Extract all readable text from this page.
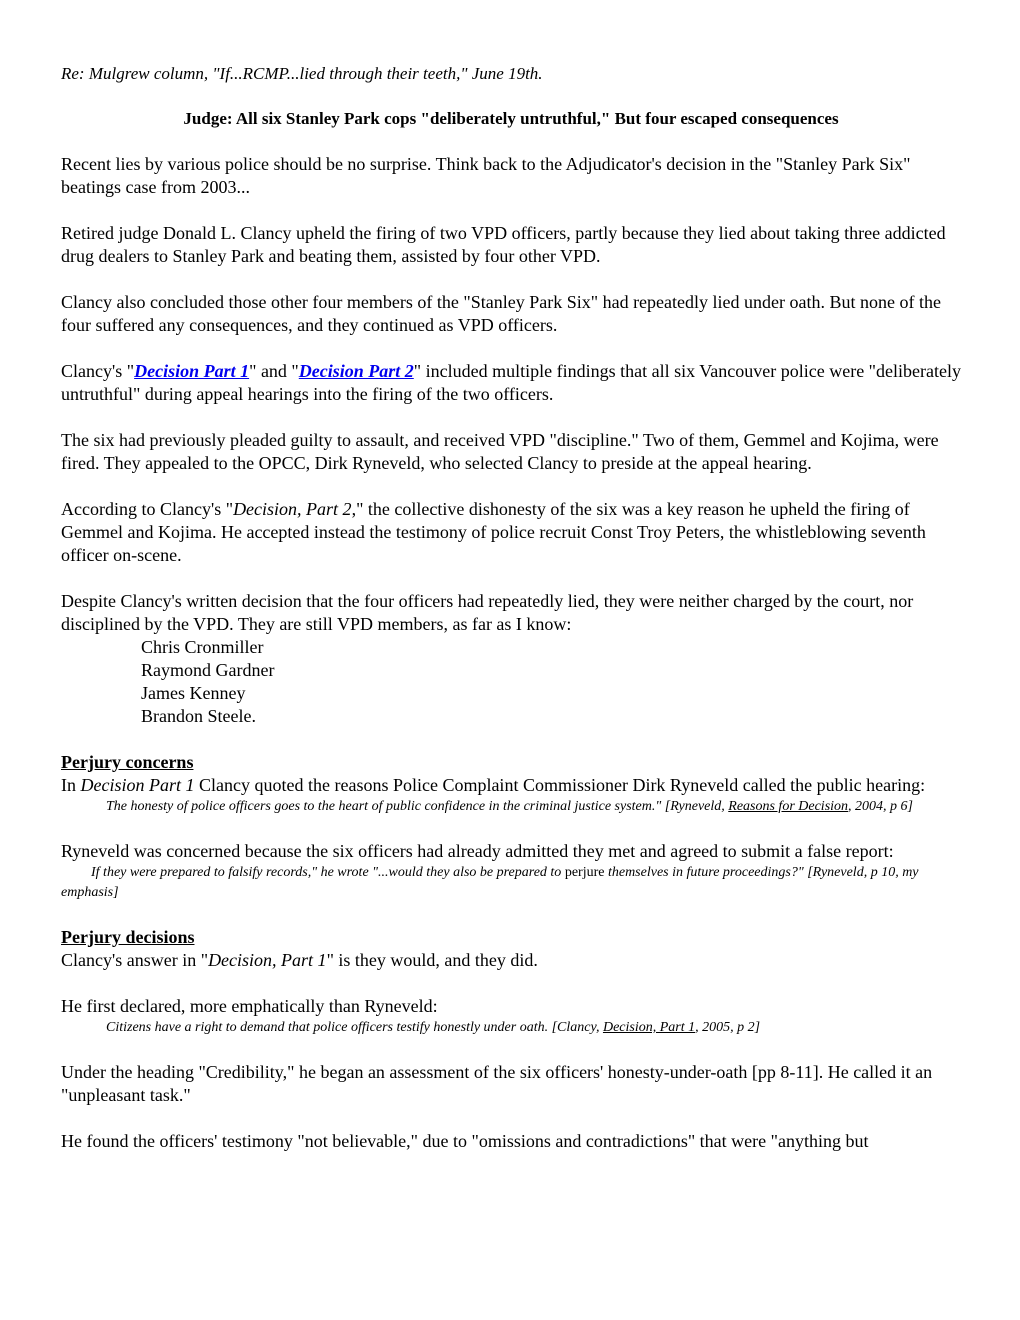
Re: Mulgrew column, "If...RCMP...lied through their teeth," June 19th.

Judge: All six Stanley Park cops "deliberately untruthful," But four escaped consequences

Recent lies by various police should be no surprise. Think back to the Adjudicator's decision in the "Stanley Park Six" beatings case from 2003...

Retired judge Donald L. Clancy upheld the firing of two VPD officers, partly because they lied about taking three addicted drug dealers to Stanley Park and beating them, assisted by four other VPD.

Clancy also concluded those other four members of the "Stanley Park Six" had repeatedly lied under oath. But none of the four suffered any consequences, and they continued as VPD officers.

Clancy's "Decision Part 1" and "Decision Part 2" included multiple findings that all six Vancouver police were "deliberately untruthful" during appeal hearings into the firing of the two officers.

The six had previously pleaded guilty to assault, and received VPD "discipline." Two of them, Gemmel and Kojima, were fired. They appealed to the OPCC, Dirk Ryneveld, who selected Clancy to preside at the appeal hearing.

According to Clancy's "Decision, Part 2," the collective dishonesty of the six was a key reason he upheld the firing of Gemmel and Kojima. He accepted instead the testimony of police recruit Const Troy Peters, the whistleblowing seventh officer on-scene.

Despite Clancy's written decision that the four officers had repeatedly lied, they were neither charged by the court, nor disciplined by the VPD. They are still VPD members, as far as I know:

Chris Cronmiller
Raymond Gardner
James Kenney
Brandon Steele.

Perjury concerns

In Decision Part 1 Clancy quoted the reasons Police Complaint Commissioner Dirk Ryneveld called the public hearing:

The honesty of police officers goes to the heart of public confidence in the criminal justice system." [Ryneveld, Reasons for Decision, 2004, p 6]

Ryneveld was concerned because the six officers had already admitted they met and agreed to submit a false report:

If they were prepared to falsify records," he wrote "...would they also be prepared to perjure themselves in future proceedings?" [Ryneveld, p 10, my emphasis]

Perjury decisions

Clancy's answer in "Decision, Part 1" is they would, and they did.

He first declared, more emphatically than Ryneveld:

Citizens have a right to demand that police officers testify honestly under oath. [Clancy, Decision, Part 1, 2005, p 2]

Under the heading "Credibility," he began an assessment of the six officers' honesty-under-oath [pp 8-11]. He called it an "unpleasant task."

He found the officers' testimony "not believable," due to "omissions and contradictions" that were "anything but
